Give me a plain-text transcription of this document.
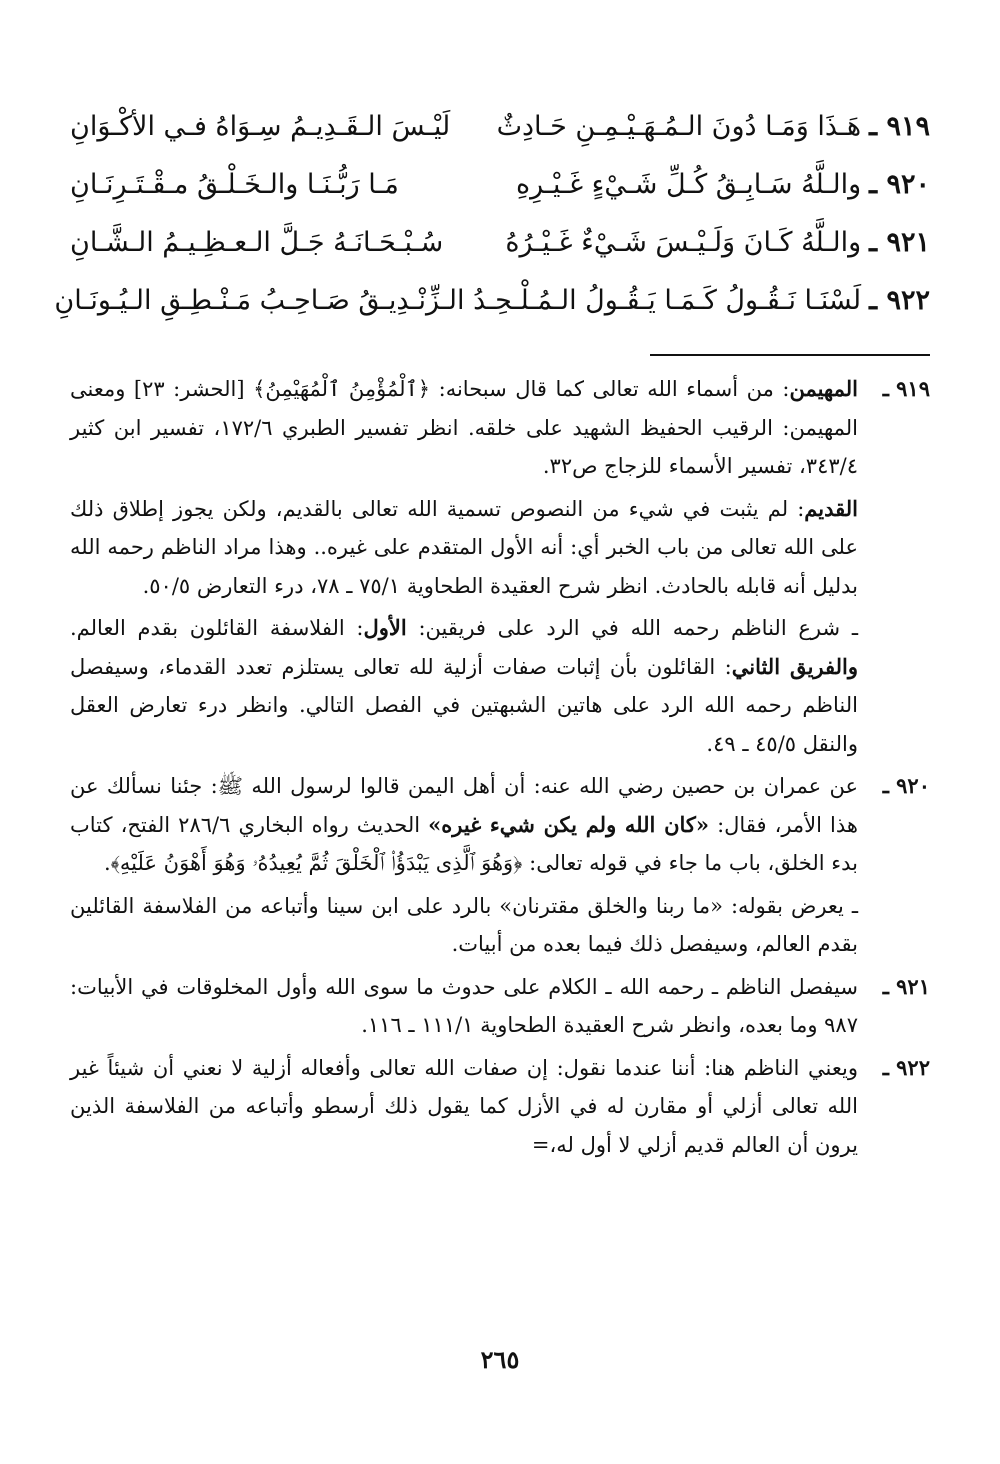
٩١٩ ـ
هَـذَا وَمَـا دُونَ الـمُـهَـيْـمِـنِ حَـادِثٌ
لَيْـسَ الـقَـدِيـمُ سِـوَاهُ فـي الأكْـوَانِ
٩٢٠ ـ
والـلَّهُ سَـابِـقُ كُـلِّ شَـيْءٍ غَـيْـرِهِ
مَـا رَبُّـنَـا والـخَـلْـقُ مـقْـتَـرِنَـانِ
٩٢١ ـ
والـلَّهُ كَـانَ وَلَـيْـسَ شَـيْءٌ غَـيْـرُهُ
سُـبْـحَـانَـهُ جَـلَّ الـعـظِـيـمُ الـشَّـانِ
٩٢٢ ـ
لَسْنَـا نَـقُـولُ كَـمَـا يَـقُـولُ الـمُـلْـحِـدُ الـزِّ
نْـدِيـقُ صَـاحِـبُ مَـنْـطِـقِ الـيُـونَـانِ
٩١٩ ـ
المهيمن: من أسماء الله تعالى كما قال سبحانه: ﴿ٱلْمُؤْمِنُ ٱلْمُهَيْمِنُ﴾ [الحشر: ٢٣] ومعنى المهيمن: الرقيب الحفيظ الشهيد على خلقه. انظر تفسير الطبري ١٧٢/٦، تفسير ابن كثير ٣٤٣/٤، تفسير الأسماء للزجاج ص٣٢.
القديم: لم يثبت في شيء من النصوص تسمية الله تعالى بالقديم، ولكن يجوز إطلاق ذلك على الله تعالى من باب الخبر أي: أنه الأول المتقدم على غيره.. وهذا مراد الناظم رحمه الله بدليل أنه قابله بالحادث. انظر شرح العقيدة الطحاوية ٧٥/١ ـ ٧٨، درء التعارض ٥٠/٥.
ـ شرع الناظم رحمه الله في الرد على فريقين: الأول: الفلاسفة القائلون بقدم العالم. والفريق الثاني: القائلون بأن إثبات صفات أزلية لله تعالى يستلزم تعدد القدماء، وسيفصل الناظم رحمه الله الرد على هاتين الشبهتين في الفصل التالي. وانظر درء تعارض العقل والنقل ٤٥/٥ ـ ٤٩.
٩٢٠ ـ
عن عمران بن حصين رضي الله عنه: أن أهل اليمن قالوا لرسول الله ﷺ: جئنا نسألك عن هذا الأمر، فقال: «كان الله ولم يكن شيء غيره» الحديث رواه البخاري ٢٨٦/٦ الفتح، كتاب بدء الخلق، باب ما جاء في قوله تعالى: ﴿وَهُوَ ٱلَّذِى يَبْدَؤُا۟ ٱلْخَلْقَ ثُمَّ يُعِيدُهُۥ وَهُوَ أَهْوَنُ عَلَيْهِ﴾.
ـ يعرض بقوله: «ما ربنا والخلق مقترنان» بالرد على ابن سينا وأتباعه من الفلاسفة القائلين بقدم العالم، وسيفصل ذلك فيما بعده من أبيات.
٩٢١ ـ
سيفصل الناظم ـ رحمه الله ـ الكلام على حدوث ما سوى الله وأول المخلوقات في الأبيات: ٩٨٧ وما بعده، وانظر شرح العقيدة الطحاوية ١١١/١ ـ ١١٦.
٩٢٢ ـ
ويعني الناظم هنا: أننا عندما نقول: إن صفات الله تعالى وأفعاله أزلية لا نعني أن شيئاً غير الله تعالى أزلي أو مقارن له في الأزل كما يقول ذلك أرسطو وأتباعه من الفلاسفة الذين يرون أن العالم قديم أزلي لا أول له،=
٢٦٥
